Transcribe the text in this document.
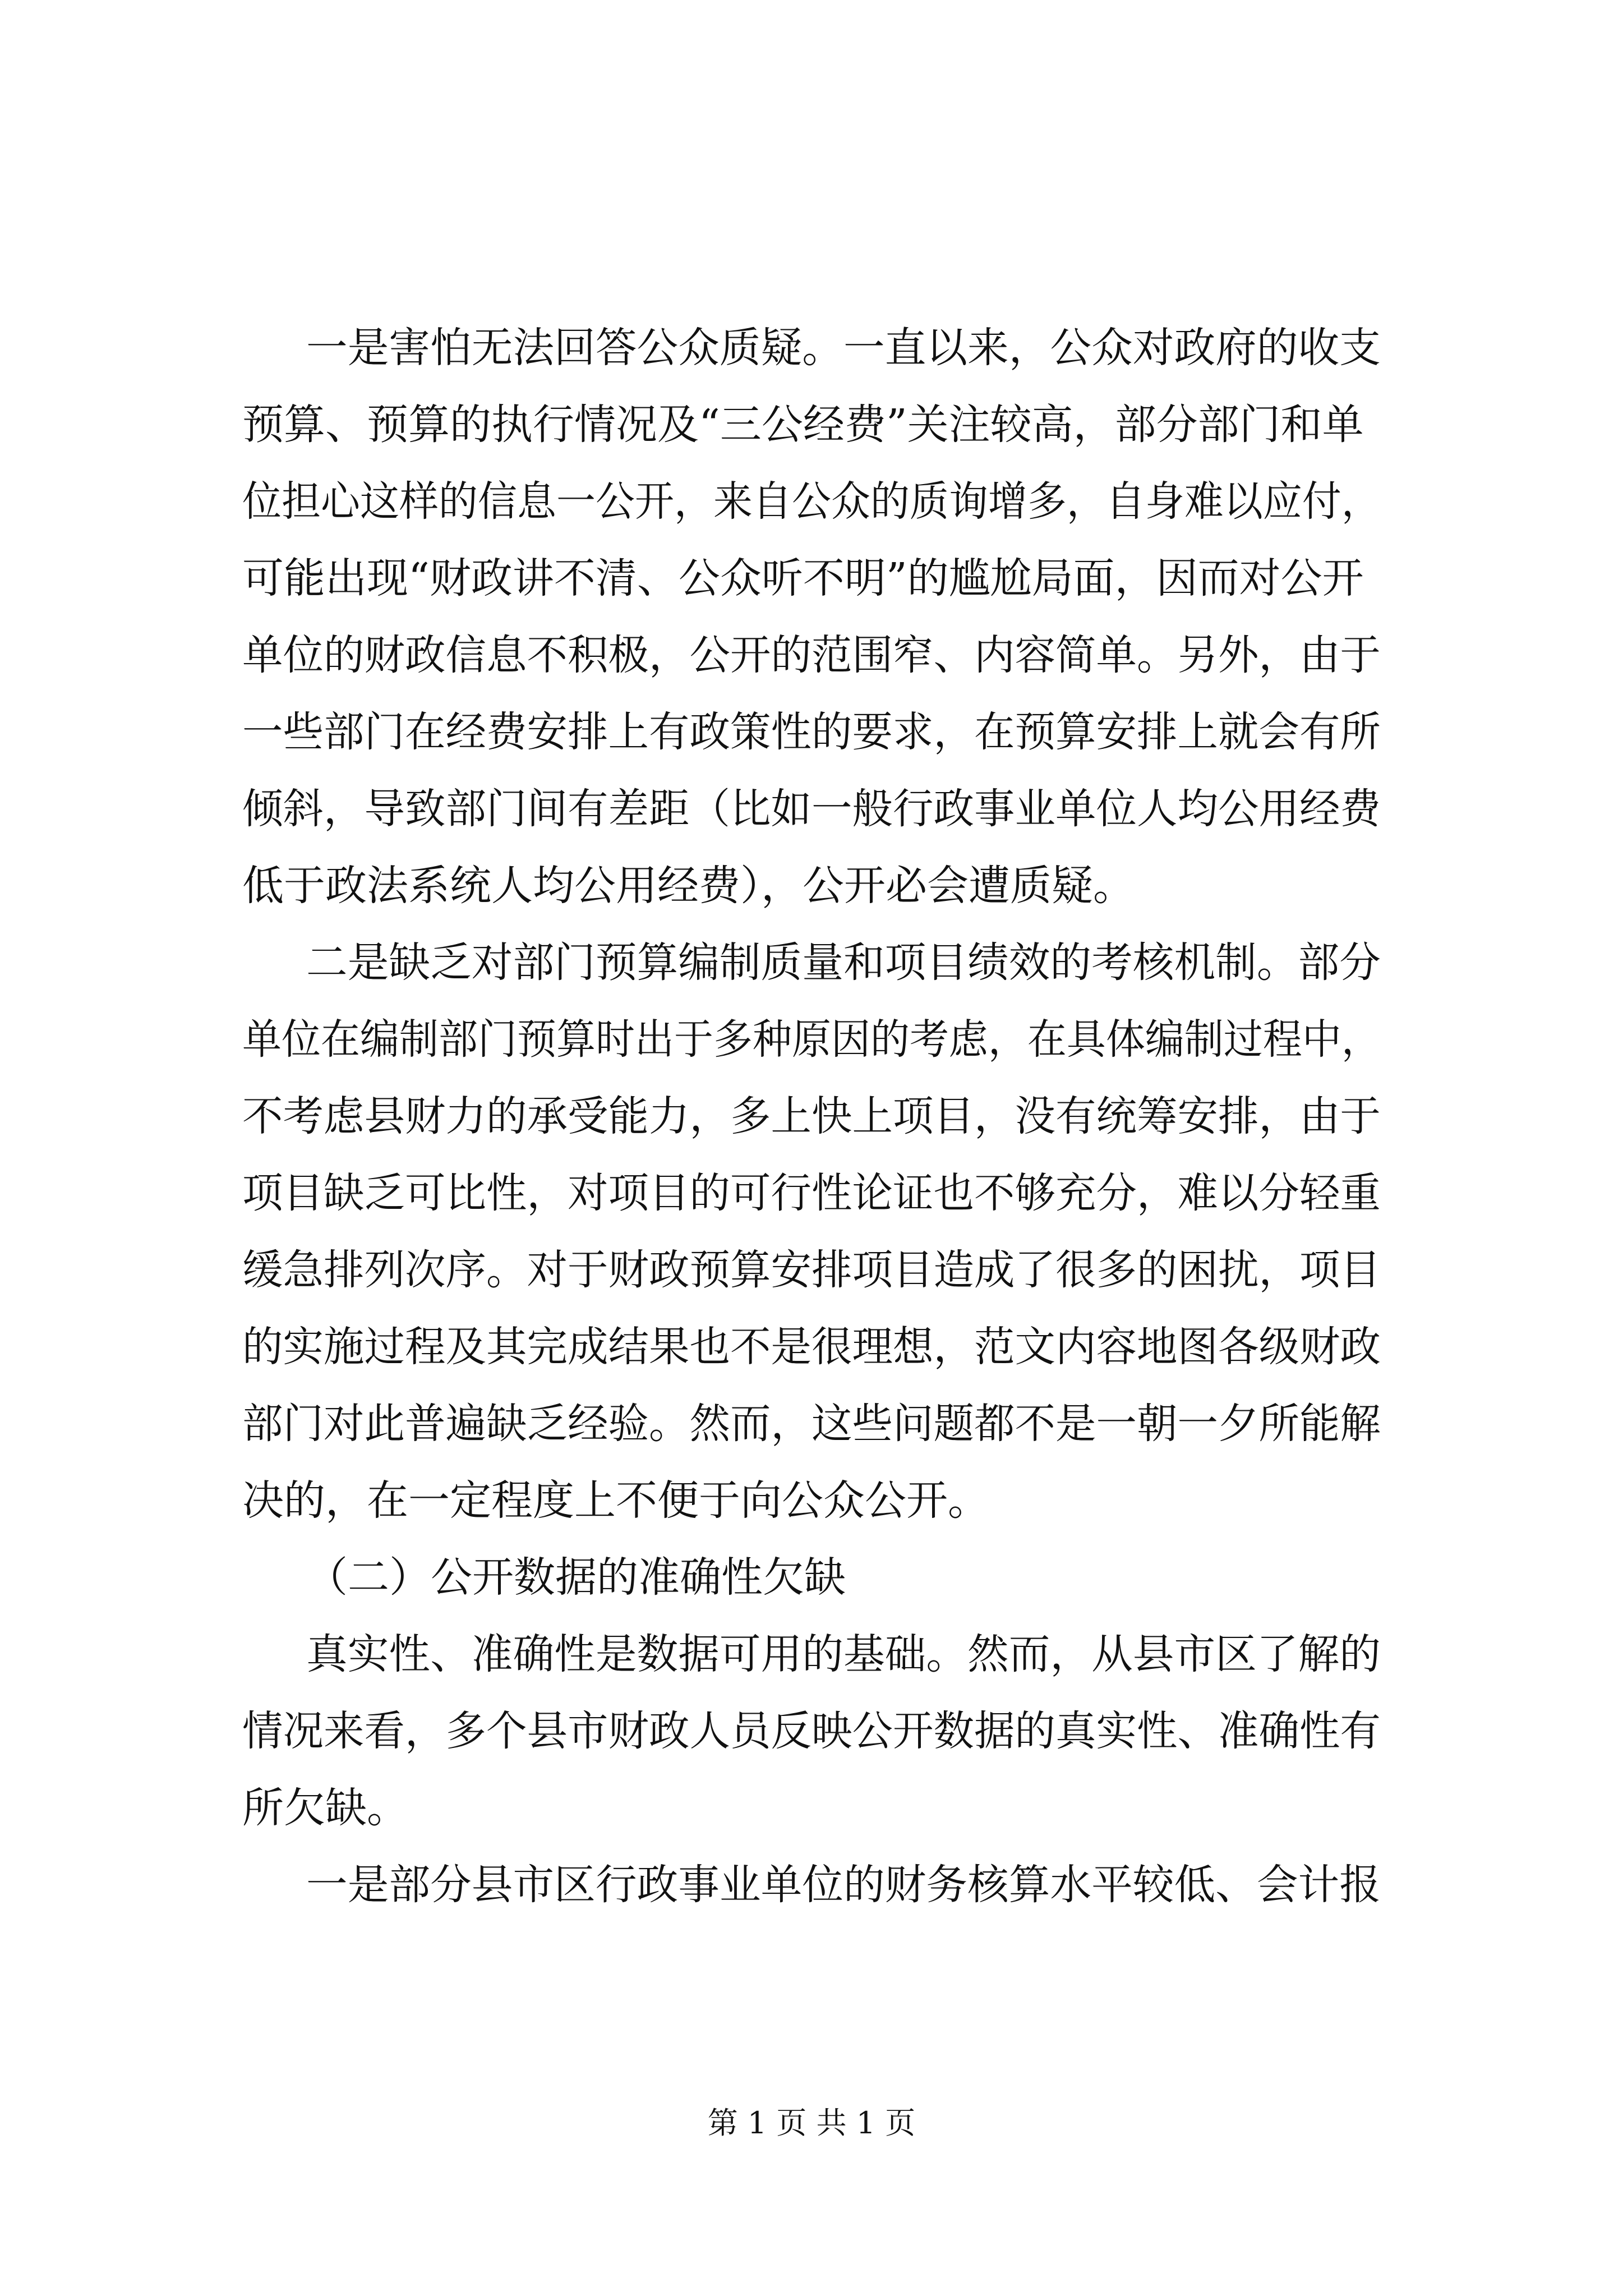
一是害怕无法回答公众质疑。一直以来，公众对政府的收支
预算、预算的执行情况及“三公经费”关注较高，部分部门和单
位担心这样的信息一公开，来自公众的质询增多，自身难以应付，
可能出现“财政讲不清、公众听不明”的尴尬局面，因而对公开
单位的财政信息不积极，公开的范围窄、内容简单。另外，由于
一些部门在经费安排上有政策性的要求，在预算安排上就会有所
倾斜，导致部门间有差距（比如一般行政事业单位人均公用经费
低于政法系统人均公用经费），公开必会遭质疑。
二是缺乏对部门预算编制质量和项目绩效的考核机制。部分
单位在编制部门预算时出于多种原因的考虑，在具体编制过程中，
不考虑县财力的承受能力，多上快上项目，没有统筹安排，由于
项目缺乏可比性，对项目的可行性论证也不够充分，难以分轻重
缓急排列次序。对于财政预算安排项目造成了很多的困扰，项目
的实施过程及其完成结果也不是很理想，范文内容地图各级财政
部门对此普遍缺乏经验。然而，这些问题都不是一朝一夕所能解
决的，在一定程度上不便于向公众公开。
（二）公开数据的准确性欠缺
真实性、准确性是数据可用的基础。然而，从县市区了解的
情况来看，多个县市财政人员反映公开数据的真实性、准确性有
所欠缺。
一是部分县市区行政事业单位的财务核算水平较低、会计报
第 1 页 共 1 页
